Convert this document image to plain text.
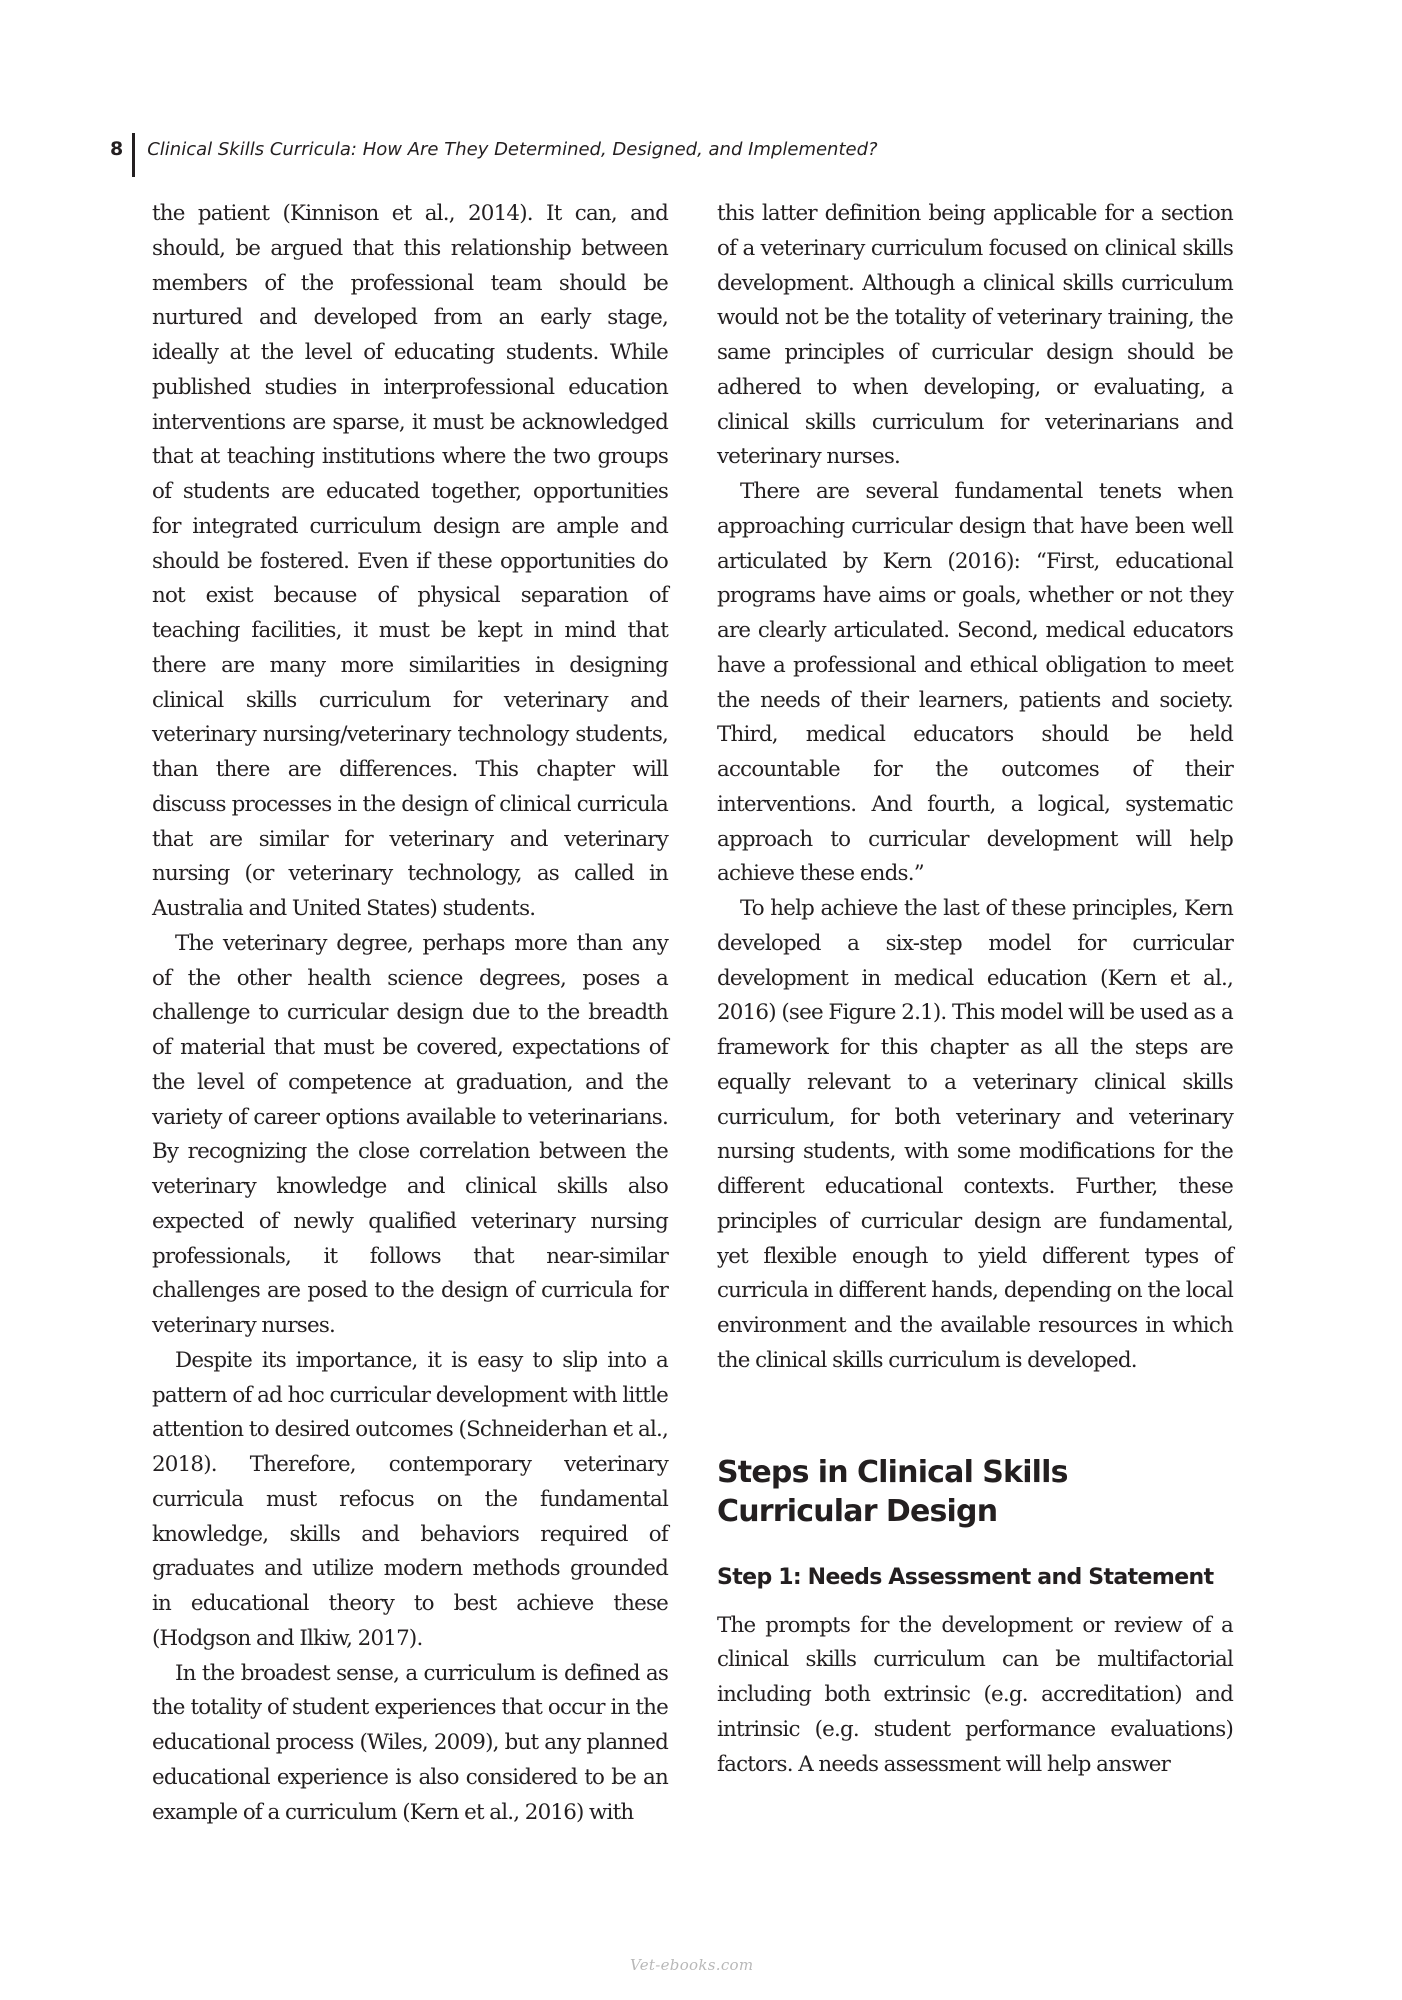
8	Clinical Skills Curricula: How Are They Determined, Designed, and Implemented?

the patient (Kinnison et al., 2014). It can, and should, be argued that this relationship between members of the professional team should be nurtured and developed from an early stage, ideally at the level of educating students. While published studies in interprofessional education interventions are sparse, it must be acknowledged that at teaching institutions where the two groups of students are educated together, opportunities for integrated curriculum design are ample and should be fostered. Even if these opportunities do not exist because of physical separation of teaching facilities, it must be kept in mind that there are many more similarities in designing clinical skills curriculum for veterinary and veterinary nursing/veterinary technology students, than there are differences. This chapter will discuss processes in the design of clinical curricula that are similar for veterinary and veterinary nursing (or veterinary technology, as called in Australia and United States) students.

The veterinary degree, perhaps more than any of the other health science degrees, poses a challenge to curricular design due to the breadth of material that must be covered, expectations of the level of competence at graduation, and the variety of career options available to veterinarians. By recognizing the close correlation between the veterinary knowledge and clinical skills also expected of newly qualified veterinary nursing professionals, it follows that near-similar challenges are posed to the design of curricula for veterinary nurses.

Despite its importance, it is easy to slip into a pattern of ad hoc curricular development with little attention to desired outcomes (Schneiderhan et al., 2018). Therefore, contemporary veterinary curricula must refocus on the fundamental knowledge, skills and behaviors required of graduates and utilize modern methods grounded in educational theory to best achieve these (Hodgson and Ilkiw, 2017).

In the broadest sense, a curriculum is defined as the totality of student experiences that occur in the educational process (Wiles, 2009), but any planned educational experience is also considered to be an example of a curriculum (Kern et al., 2016) with

this latter definition being applicable for a section of a veterinary curriculum focused on clinical skills development. Although a clinical skills curriculum would not be the totality of veterinary training, the same principles of curricular design should be adhered to when developing, or evaluating, a clinical skills curriculum for veterinarians and veterinary nurses.

There are several fundamental tenets when approaching curricular design that have been well articulated by Kern (2016): “First, educational programs have aims or goals, whether or not they are clearly articulated. Second, medical educators have a professional and ethical obligation to meet the needs of their learners, patients and society. Third, medical educators should be held accountable for the outcomes of their interventions. And fourth, a logical, systematic approach to curricular development will help achieve these ends.”

To help achieve the last of these principles, Kern developed a six-step model for curricular development in medical education (Kern et al., 2016) (see Figure 2.1). This model will be used as a framework for this chapter as all the steps are equally relevant to a veterinary clinical skills curriculum, for both veterinary and veterinary nursing students, with some modifications for the different educational contexts. Further, these principles of curricular design are fundamental, yet flexible enough to yield different types of curricula in different hands, depending on the local environment and the available resources in which the clinical skills curriculum is developed.

Steps in Clinical Skills Curricular Design
Step 1: Needs Assessment and Statement

The prompts for the development or review of a clinical skills curriculum can be multifactorial including both extrinsic (e.g. accreditation) and intrinsic (e.g. student performance evaluations) factors. A needs assessment will help answer

Vet-ebooks.com
